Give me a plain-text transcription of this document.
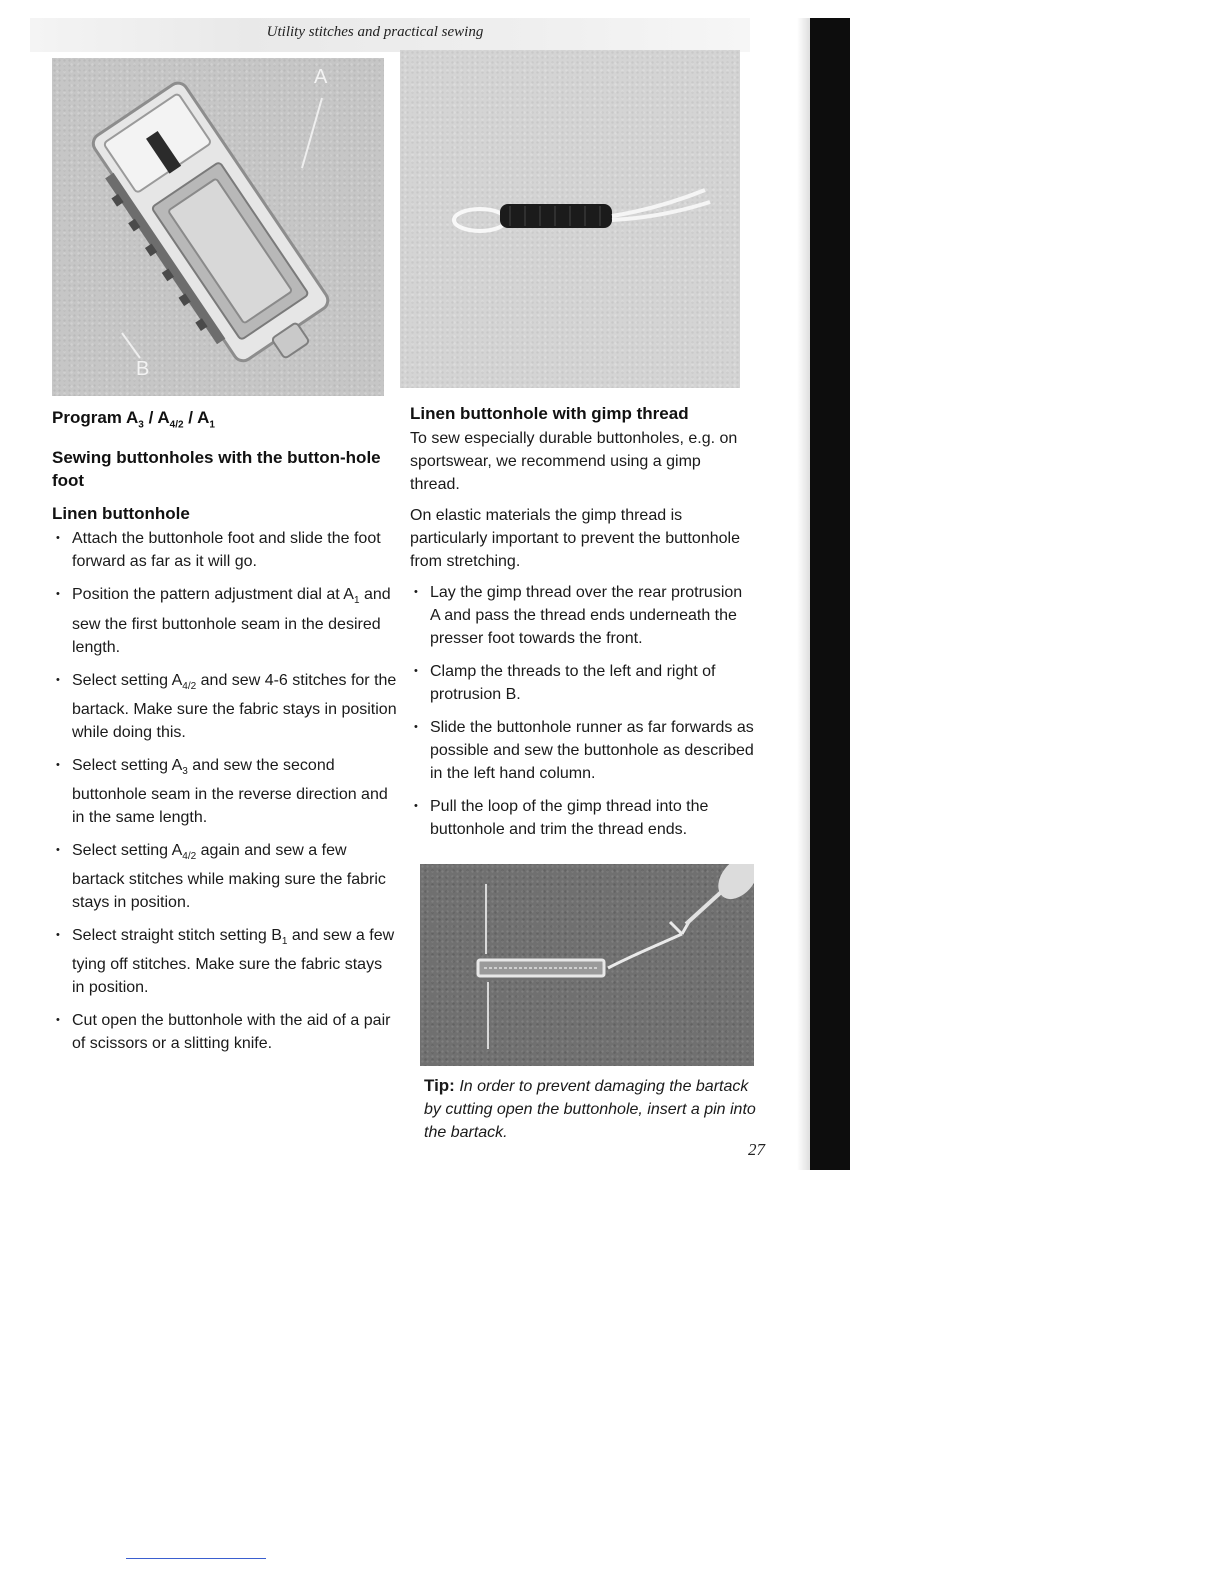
Utility stitches and practical sewing
A
B
Program $A_3 / A_{4/2} / A_1$
Sewing buttonholes with the button-hole foot
Linen buttonhole
• Attach the buttonhole foot and slide the foot forward as far as it will go.
• Position the pattern adjustment dial at $A_1$ and sew the first buttonhole seam in the desired length.
• Select setting $A_{4/2}$ and sew 4-6 stitches for the bartack. Make sure the fabric stays in position while doing this.
• Select setting $A_3$ and sew the second buttonhole seam in the reverse direction and in the same length.
• Select setting $A_{4/2}$ again and sew a few bartack stitches while making sure the fabric stays in position.
• Select straight stitch setting $B_1$ and sew a few tying off stitches. Make sure the fabric stays in position.
• Cut open the buttonhole with the aid of a pair of scissors or a slitting knife.
Linen buttonhole with gimp thread

To sew especially durable buttonholes, e.g. on sportswear, we recommend using a gimp thread.

On elastic materials the gimp thread is particularly important to prevent the buttonhole from stretching.

• Lay the gimp thread over the rear protrusion A and pass the thread ends underneath the presser foot towards the front.
• Clamp the threads to the left and right of protrusion B.
• Slide the buttonhole runner as far forwards as possible and sew the buttonhole as described in the left hand column.
• Pull the loop of the gimp thread into the buttonhole and trim the thread ends.
Tip: In order to prevent damaging the bartack by cutting open the buttonhole, insert a pin into the bartack.
27
